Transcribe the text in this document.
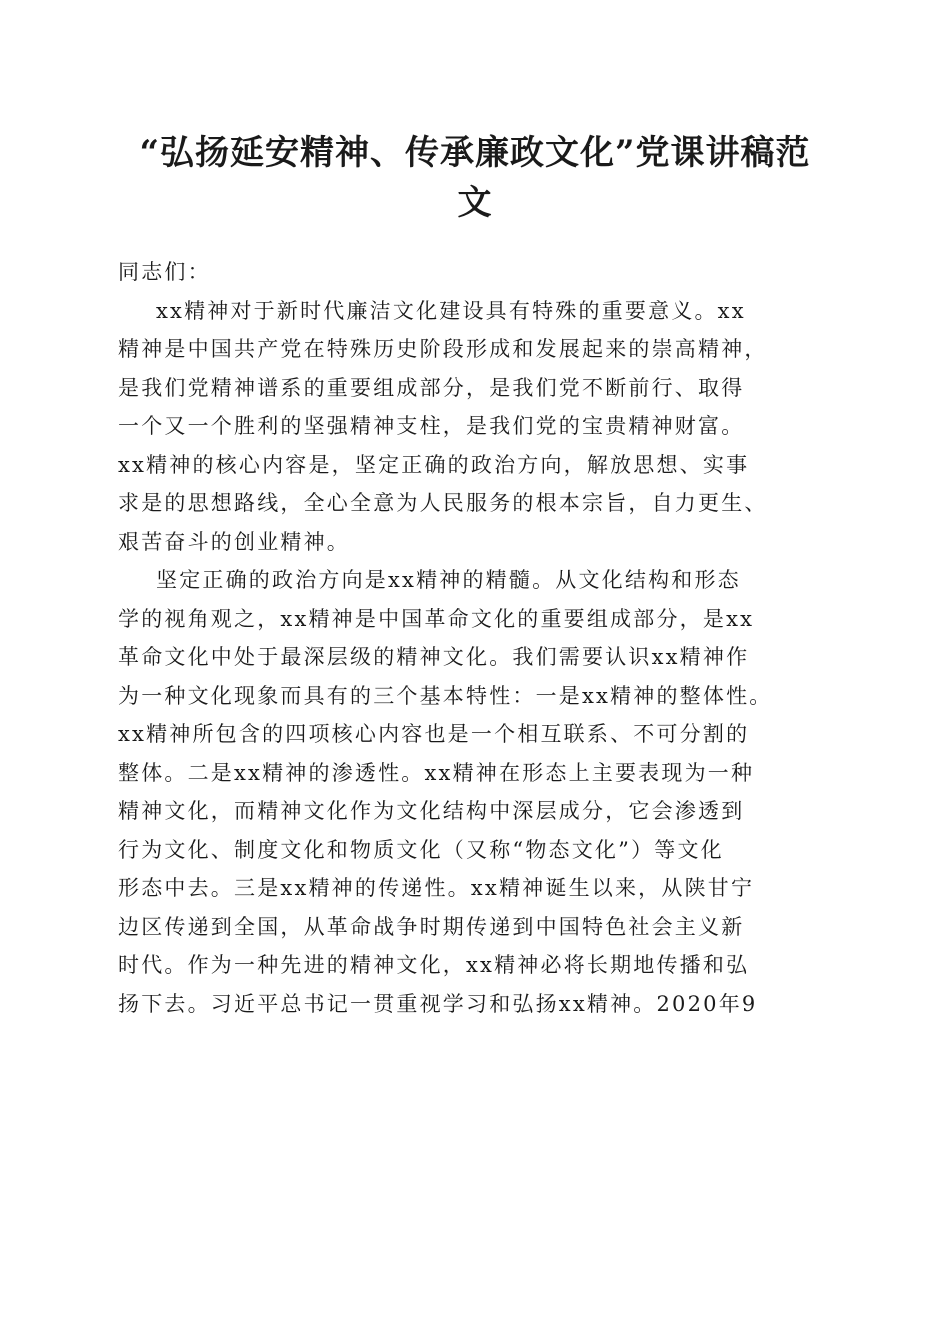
“弘扬延安精神、传承廉政文化”党课讲稿范
文
同志们：
xx精神对于新时代廉洁文化建设具有特殊的重要意义。xx
精神是中国共产党在特殊历史阶段形成和发展起来的崇高精神，
是我们党精神谱系的重要组成部分，是我们党不断前行、取得
一个又一个胜利的坚强精神支柱，是我们党的宝贵精神财富。
xx精神的核心内容是，坚定正确的政治方向，解放思想、实事
求是的思想路线，全心全意为人民服务的根本宗旨，自力更生、
艰苦奋斗的创业精神。
坚定正确的政治方向是xx精神的精髓。从文化结构和形态
学的视角观之，xx精神是中国革命文化的重要组成部分，是xx
革命文化中处于最深层级的精神文化。我们需要认识xx精神作
为一种文化现象而具有的三个基本特性：一是xx精神的整体性。
xx精神所包含的四项核心内容也是一个相互联系、不可分割的
整体。二是xx精神的渗透性。xx精神在形态上主要表现为一种
精神文化，而精神文化作为文化结构中深层成分，它会渗透到
行为文化、制度文化和物质文化（又称“物态文化”）等文化
形态中去。三是xx精神的传递性。xx精神诞生以来，从陕甘宁
边区传递到全国，从革命战争时期传递到中国特色社会主义新
时代。作为一种先进的精神文化，xx精神必将长期地传播和弘
扬下去。习近平总书记一贯重视学习和弘扬xx精神。2020年9
